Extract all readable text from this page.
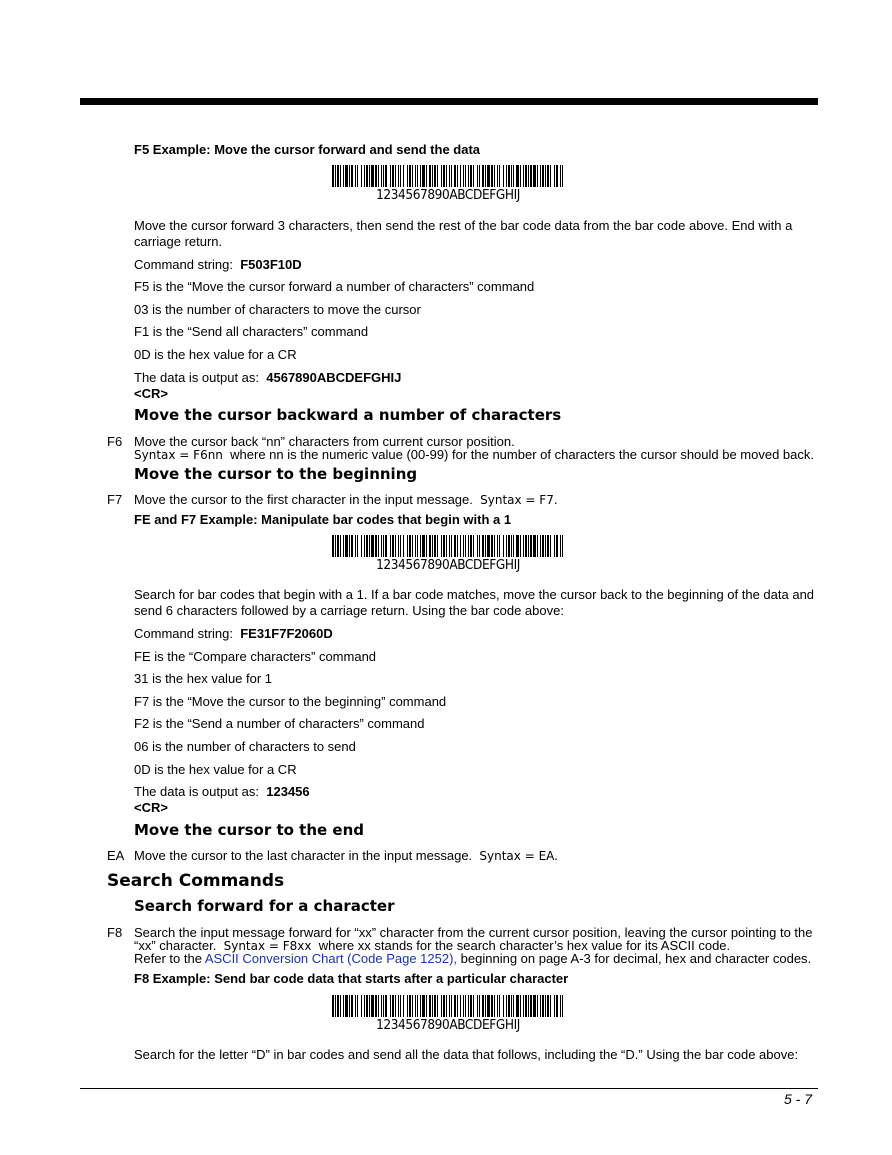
F5 Example: Move the cursor forward and send the data
1234567890ABCDEFGHIJ
Move the cursor forward 3 characters, then send the rest of the bar code data from the bar code above. End with a
carriage return.
Command string: F503F10D
F5 is the “Move the cursor forward a number of characters” command
03 is the number of characters to move the cursor
F1 is the “Send all characters” command
0D is the hex value for a CR
The data is output as: 4567890ABCDEFGHIJ
<CR>
Move the cursor backward a number of characters
F6 Move the cursor back “nn” characters from current cursor position.
Syntax = F6nn where nn is the numeric value (00-99) for the number of characters the cursor should be moved back.
Move the cursor to the beginning
F7 Move the cursor to the first character in the input message. Syntax = F7.
FE and F7 Example: Manipulate bar codes that begin with a 1
1234567890ABCDEFGHIJ
Search for bar codes that begin with a 1. If a bar code matches, move the cursor back to the beginning of the data and
send 6 characters followed by a carriage return. Using the bar code above:
Command string: FE31F7F2060D
FE is the “Compare characters” command
31 is the hex value for 1
F7 is the “Move the cursor to the beginning” command
F2 is the “Send a number of characters” command
06 is the number of characters to send
0D is the hex value for a CR
The data is output as: 123456
<CR>
Move the cursor to the end
EA Move the cursor to the last character in the input message. Syntax = EA.
Search Commands
Search forward for a character
F8 Search the input message forward for “xx” character from the current cursor position, leaving the cursor pointing to the
“xx” character. Syntax = F8xx where xx stands for the search character’s hex value for its ASCII code.
Refer to the ASCII Conversion Chart (Code Page 1252), beginning on page A-3 for decimal, hex and character codes.
F8 Example: Send bar code data that starts after a particular character
1234567890ABCDEFGHIJ
Search for the letter “D” in bar codes and send all the data that follows, including the “D.” Using the bar code above:
5 - 7
